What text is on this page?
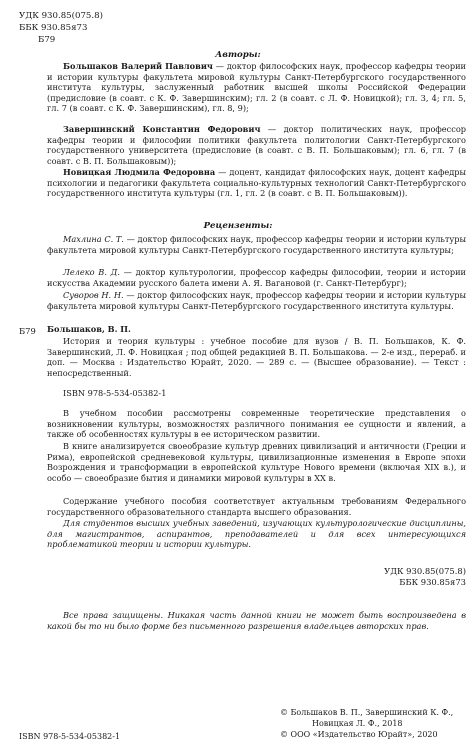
УДК 930.85(075.8)
ББК 930.85я73
Б79
Авторы:
Большаков Валерий Павлович — доктор философских наук, профессор кафедры теории и истории культуры факультета мировой культуры Санкт-Петербургского государственного института культуры, заслуженный работник высшей школы Российской Федерации (предисловие (в соавт. с К. Ф. Завершинским); гл. 2 (в соавт. с Л. Ф. Новицкой); гл. 3, 4; гл. 5, гл. 7 (в соавт. с К. Ф. Завершинским), гл. 8, 9);
Завершинский Константин Федорович — доктор политических наук, профессор кафедры теории и философии политики факультета политологии Санкт-Петербургского государственного университета (предисловие (в соавт. с В. П. Большаковым); гл. 6, гл. 7 (в соавт. с В. П. Большаковым));
Новицкая Людмила Федоровна — доцент, кандидат философских наук, доцент кафедры психологии и педагогики факультета социально-культурных технологий Санкт-Петербургского государственного института культуры (гл. 1, гл. 2 (в соавт. с В. П. Большаковым)).
Рецензенты:
Махлина С. Т. — доктор философских наук, профессор кафедры теории и истории культуры факультета мировой культуры Санкт-Петербургского государственного института культуры;
Лелеко В. Д. — доктор культурологии, профессор кафедры философии, теории и истории искусства Академии русского балета имени А. Я. Вагановой (г. Санкт-Петербург);
Суворов Н. Н. — доктор философских наук, профессор кафедры теории и истории культуры факультета мировой культуры Санкт-Петербургского государственного института культуры.
Б79 Большаков, В. П.
История и теория культуры : учебное пособие для вузов / В. П. Большаков, К. Ф. Завершинский, Л. Ф. Новицкая ; под общей редакцией В. П. Большакова. — 2-е изд., перераб. и доп. — Москва : Издательство Юрайт, 2020. — 289 с. — (Высшее образование). — Текст : непосредственный.
ISBN 978-5-534-05382-1
В учебном пособии рассмотрены современные теоретические представления о возникновении культуры, возможностях различного понимания ее сущности и явлений, а также об особенностях культуры в ее историческом развитии.
В книге анализируется своеобразие культур древних цивилизаций и античности (Греции и Рима), европейской средневековой культуры, цивилизационные изменения в Европе эпохи Возрождения и трансформации в европейской культуре Нового времени (включая XIX в.), и особо — своеобразие бытия и динамики мировой культуры в XX в.
Содержание учебного пособия соответствует актуальным требованиям Федерального государственного образовательного стандарта высшего образования.
Для студентов высших учебных заведений, изучающих культурологические дисциплины, для магистрантов, аспирантов, преподавателей и для всех интересующихся проблематикой теории и истории культуры.
УДК 930.85(075.8)
ББК 930.85я73
Все права защищены. Никакая часть данной книги не может быть воспроизведена в какой бы то ни было форме без письменного разрешения владельцев авторских прав.
ISBN 978-5-534-05382-1
© Большаков В. П., Завершинский К. Ф.,
Новицкая Л. Ф., 2018
© ООО «Издательство Юрайт», 2020
